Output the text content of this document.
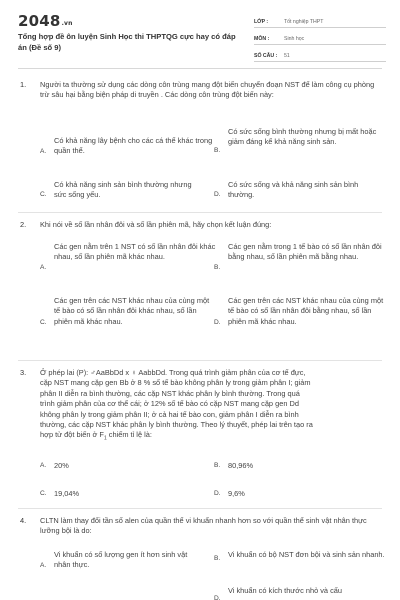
2048.vn
Tổng hợp đề ôn luyện Sinh Học thi THPTQG cực hay có đáp án (Đề số 9)
LỚP :	Tốt nghiệp THPT
MÔN :	Sinh học
SỐ CÂU :	51
1. Người ta thường sử dụng các dòng côn trùng mang đột biến chuyển đoạn NST để làm công cụ phòng trừ sâu hại bằng biện pháp di truyền . Các dòng côn trùng đột biến này:
A.
Có khả năng lây bệnh cho các cá thể khác trong quần thể.	B.
Có sức sống bình thường nhưng bị mất hoặc giảm đáng kể khả năng sinh sản.
C.
Có khả năng sinh sản bình thường nhưng sức sống yếu.	D.
Có sức sống và khả năng sinh sản bình thường.
2. Khi nói về số lần nhân đôi và số lần phiên mã, hãy chọn kết luận đúng:
A.
Các gen nằm trên 1 NST có số lần nhân đôi khác nhau, số lần phiên mã khác nhau.
B.
Các gen nằm trong 1 tế bào có số lần nhân đôi bằng nhau, số lần phiên mã bằng nhau.
C.
Các gen trên các NST khác nhau của cùng một tế bào có số lần nhân đôi khác nhau, số lần phiên mã khác nhau.	D.
Các gen trên các NST khác nhau của cùng một tế bào có số lần nhân đôi bằng nhau, số lần phiên mã khác nhau.
3. Ở phép lai (P): ♂AaBbDd x ♀ AabbDd. Trong quá trình giảm phân của cơ tế đực,
cặp NST mang cặp gen Bb ở 8 % số tế bào không phân ly trong giảm phân I; giảm
phân II diễn ra bình thường, các cặp NST khác phân ly bình thường. Trong quá
trình giảm phân của cơ thể cái; ở 12% số tế bào có cặp NST mang cặp gen Dd
không phân ly trong giảm phân II; ở cả hai tế bào con, giảm phân I diễn ra bình
thường, các cặp NST khác phân ly bình thường. Theo lý thuyết, phép lai trên tạo ra
hợp tử đột biến ở $F_1$ chiếm tỉ lệ là:
A. 20%	B. 80,96%
C. 19,04%	D. 9,6%
4. CLTN làm thay đổi tần số alen của quần thể vi khuẩn nhanh hơn so với quần thể sinh vật nhân thực lưỡng bội là do:
A.
Vi khuẩn có số lượng gen ít hơn sinh vật nhân thực.
B. Vi khuẩn có bộ NST đơn bội và sinh sản nhanh.
D.
Vi khuẩn có kích thước nhỏ và cấu
